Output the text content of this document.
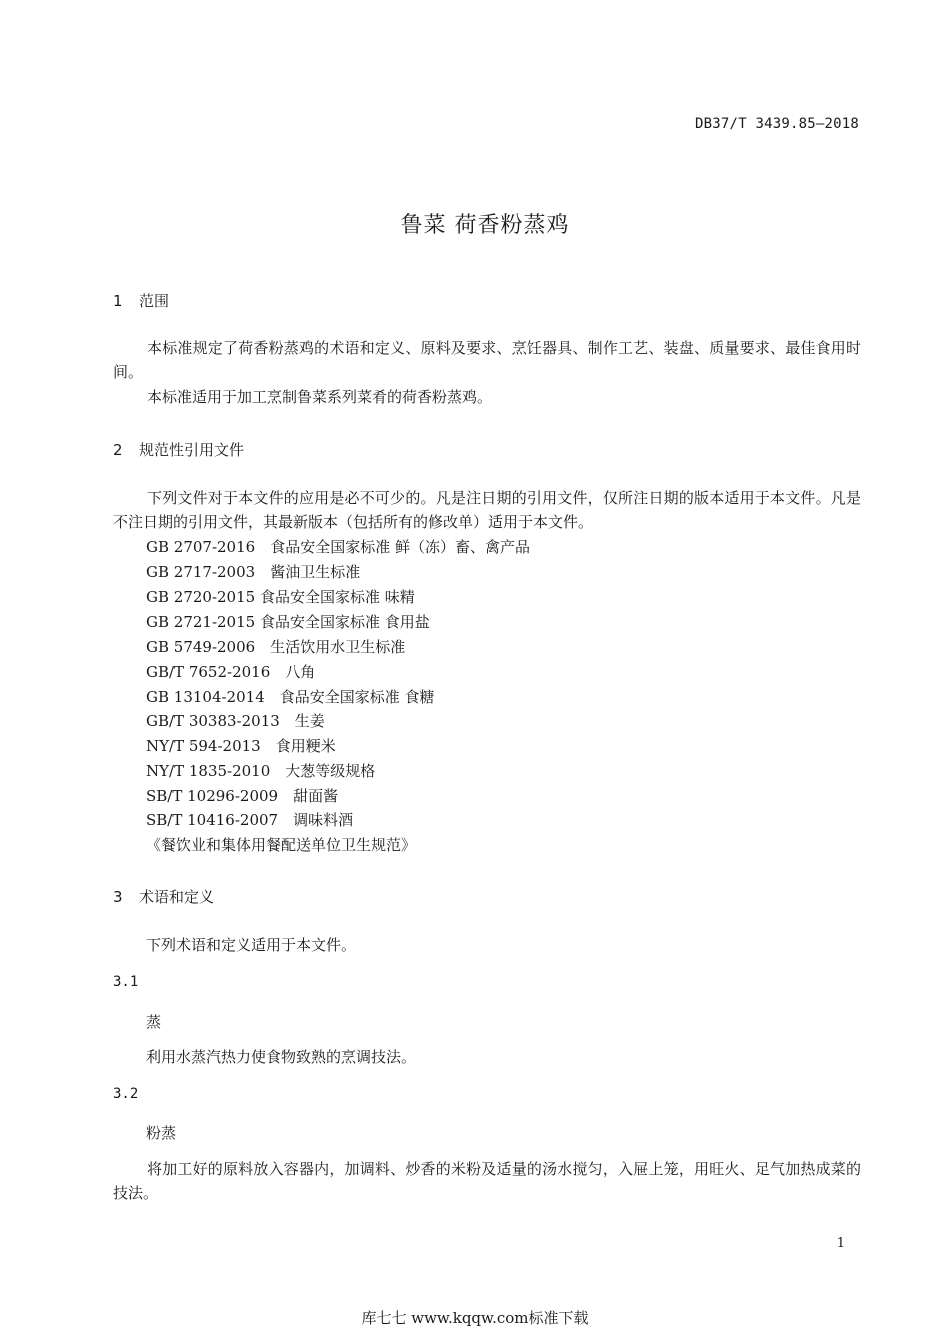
DB37/T 3439.85—2018
鲁菜 荷香粉蒸鸡
1 范围
本标准规定了荷香粉蒸鸡的术语和定义、原料及要求、烹饪器具、制作工艺、装盘、质量要求、最佳食用时间。
本标准适用于加工烹制鲁菜系列菜肴的荷香粉蒸鸡。
2 规范性引用文件
下列文件对于本文件的应用是必不可少的。凡是注日期的引用文件，仅所注日期的版本适用于本文件。凡是不注日期的引用文件，其最新版本（包括所有的修改单）适用于本文件。
GB 2707-2016　食品安全国家标准 鲜（冻）畜、禽产品
GB 2717-2003　酱油卫生标准
GB 2720-2015 食品安全国家标准 味精
GB 2721-2015 食品安全国家标准 食用盐
GB 5749-2006　生活饮用水卫生标准
GB/T 7652-2016　八角
GB 13104-2014　食品安全国家标准 食糖
GB/T 30383-2013　生姜
NY/T 594-2013　食用粳米
NY/T 1835-2010　大葱等级规格
SB/T 10296-2009　甜面酱
SB/T 10416-2007　调味料酒
《餐饮业和集体用餐配送单位卫生规范》
3 术语和定义
下列术语和定义适用于本文件。
3.1
蒸
利用水蒸汽热力使食物致熟的烹调技法。
3.2
粉蒸
将加工好的原料放入容器内，加调料、炒香的米粉及适量的汤水搅匀，入屉上笼，用旺火、足气加热成菜的技法。
1
库七七 www.kqqw.com标准下载
